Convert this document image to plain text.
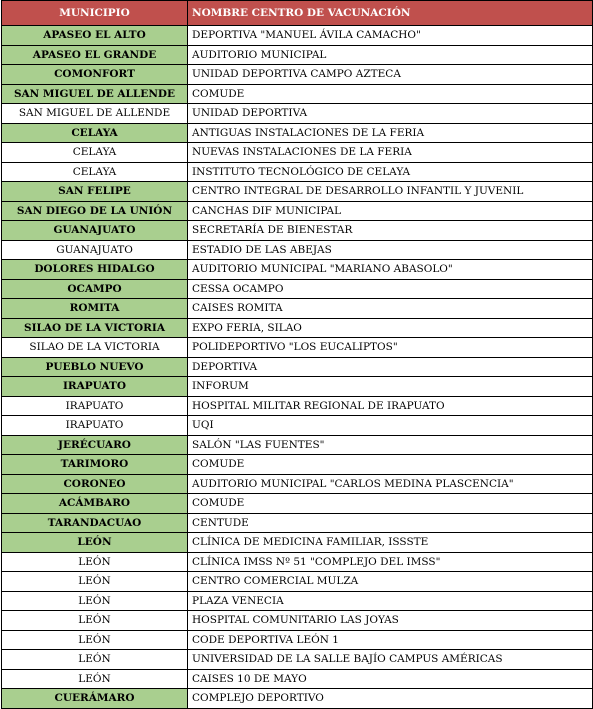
MUNICIPIO	NOMBRE CENTRO DE VACUNACIÓN
APASEO EL ALTO	DEPORTIVA "MANUEL ÁVILA CAMACHO"
APASEO EL GRANDE	AUDITORIO MUNICIPAL
COMONFORT	UNIDAD DEPORTIVA CAMPO AZTECA
SAN MIGUEL DE ALLENDE	COMUDE
SAN MIGUEL DE ALLENDE	UNIDAD DEPORTIVA
CELAYA	ANTIGUAS INSTALACIONES DE LA FERIA
CELAYA	NUEVAS INSTALACIONES DE LA FERIA
CELAYA	INSTITUTO TECNOLÓGICO DE CELAYA
SAN FELIPE	CENTRO INTEGRAL DE DESARROLLO INFANTIL Y JUVENIL
SAN DIEGO DE LA UNIÓN	CANCHAS DIF MUNICIPAL
GUANAJUATO	SECRETARÍA DE BIENESTAR
GUANAJUATO	ESTADIO DE LAS ABEJAS
DOLORES HIDALGO	AUDITORIO MUNICIPAL "MARIANO ABASOLO"
OCAMPO	CESSA OCAMPO
ROMITA	CAISES ROMITA
SILAO DE LA VICTORIA	EXPO FERIA, SILAO
SILAO DE LA VICTORIA	POLIDEPORTIVO "LOS EUCALIPTOS"
PUEBLO NUEVO	DEPORTIVA
IRAPUATO	INFORUM
IRAPUATO	HOSPITAL MILITAR REGIONAL DE IRAPUATO
IRAPUATO	UQI
JERÉCUARO	SALÓN "LAS FUENTES"
TARIMORO	COMUDE
CORONEO	AUDITORIO MUNICIPAL "CARLOS MEDINA PLASCENCIA"
ACÁMBARO	COMUDE
TARANDACUAO	CENTUDE
LEÓN	CLÍNICA DE MEDICINA FAMILIAR, ISSSTE
LEÓN	CLÍNICA IMSS Nº 51 "COMPLEJO DEL IMSS"
LEÓN	CENTRO COMERCIAL MULZA
LEÓN	PLAZA VENECIA
LEÓN	HOSPITAL COMUNITARIO LAS JOYAS
LEÓN	CODE DEPORTIVA LEÓN 1
LEÓN	UNIVERSIDAD DE LA SALLE BAJÍO CAMPUS AMÉRICAS
LEÓN	CAISES 10 DE MAYO
CUERÁMARO	COMPLEJO DEPORTIVO
